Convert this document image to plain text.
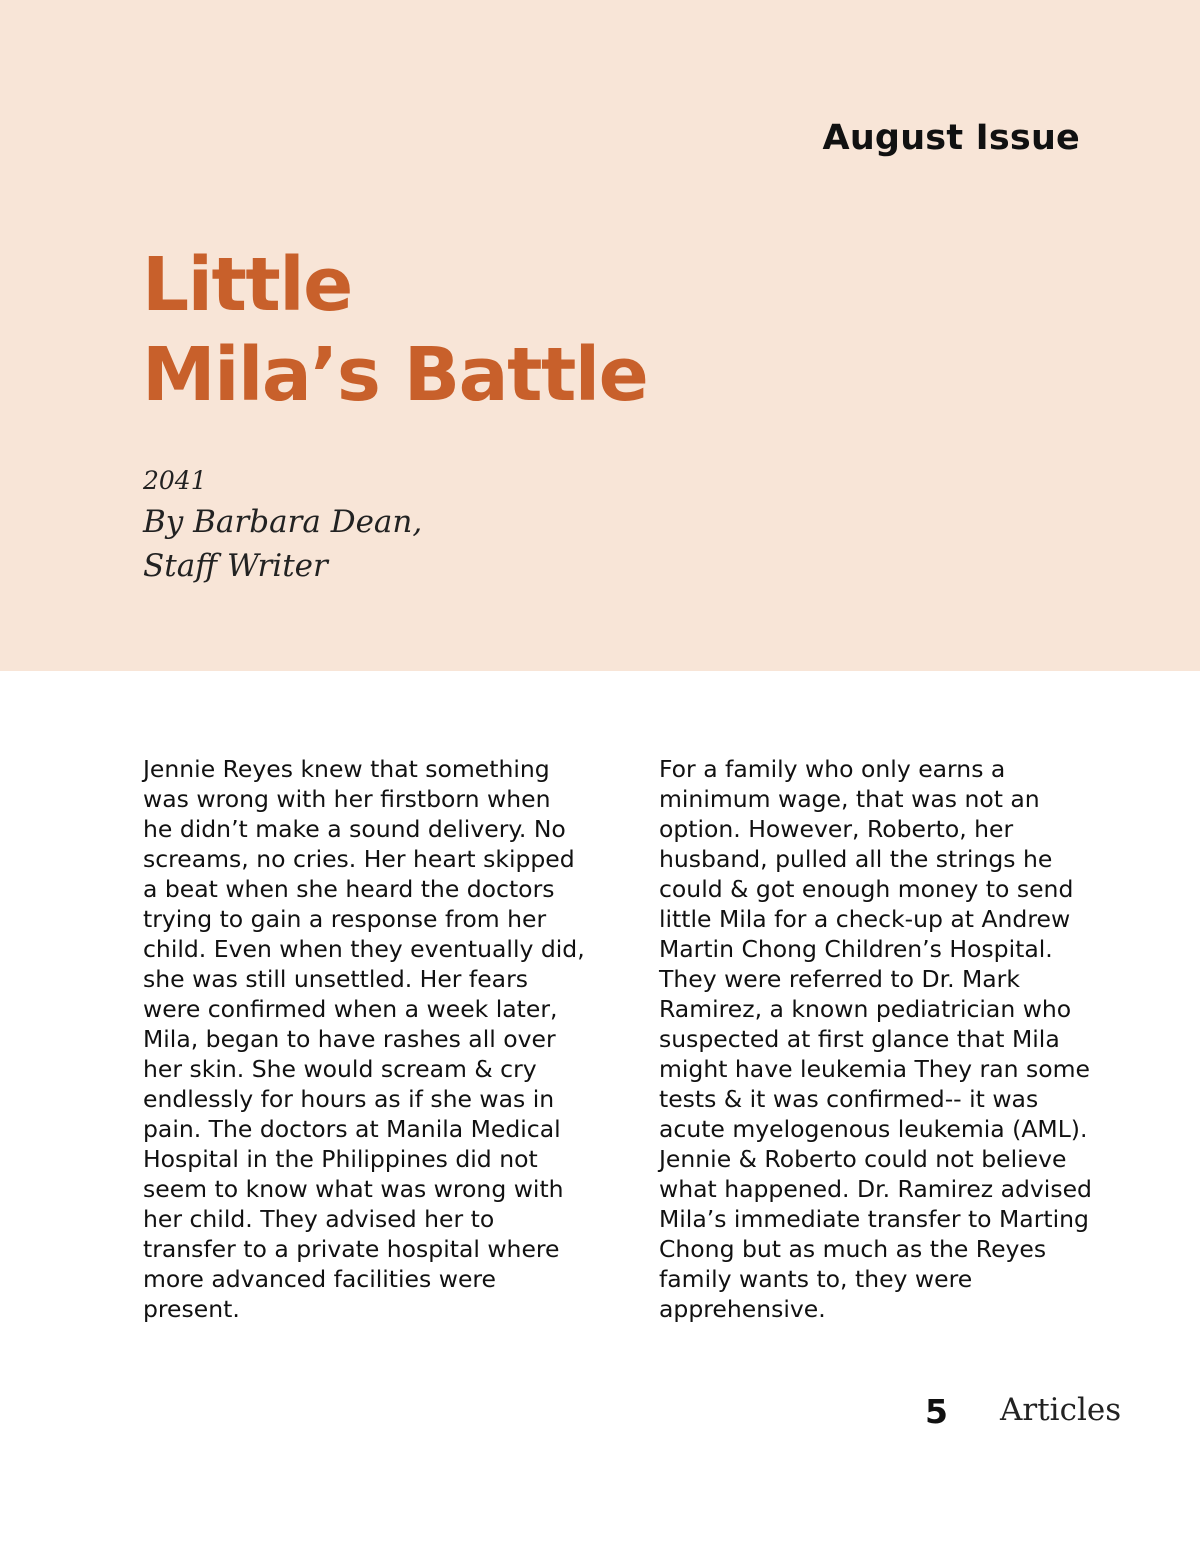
August Issue
Little
Mila’s Battle
2041
By Barbara Dean,
Staff Writer

Jennie Reyes knew that something
was wrong with her firstborn when
he didn’t make a sound delivery. No
screams, no cries. Her heart skipped
a beat when she heard the doctors
trying to gain a response from her
child. Even when they eventually did,
she was still unsettled. Her fears
were confirmed when a week later,
Mila, began to have rashes all over
her skin. She would scream & cry
endlessly for hours as if she was in
pain. The doctors at Manila Medical
Hospital in the Philippines did not
seem to know what was wrong with
her child. They advised her to
transfer to a private hospital where
more advanced facilities were
present.

For a family who only earns a
minimum wage, that was not an
option. However, Roberto, her
husband, pulled all the strings he
could & got enough money to send
little Mila for a check-up at Andrew
Martin Chong Children’s Hospital.
They were referred to Dr. Mark
Ramirez, a known pediatrician who
suspected at first glance that Mila
might have leukemia They ran some
tests & it was confirmed-- it was
acute myelogenous leukemia (AML).
Jennie & Roberto could not believe
what happened. Dr. Ramirez advised
Mila’s immediate transfer to Marting
Chong but as much as the Reyes
family wants to, they were
apprehensive.

5 Articles
